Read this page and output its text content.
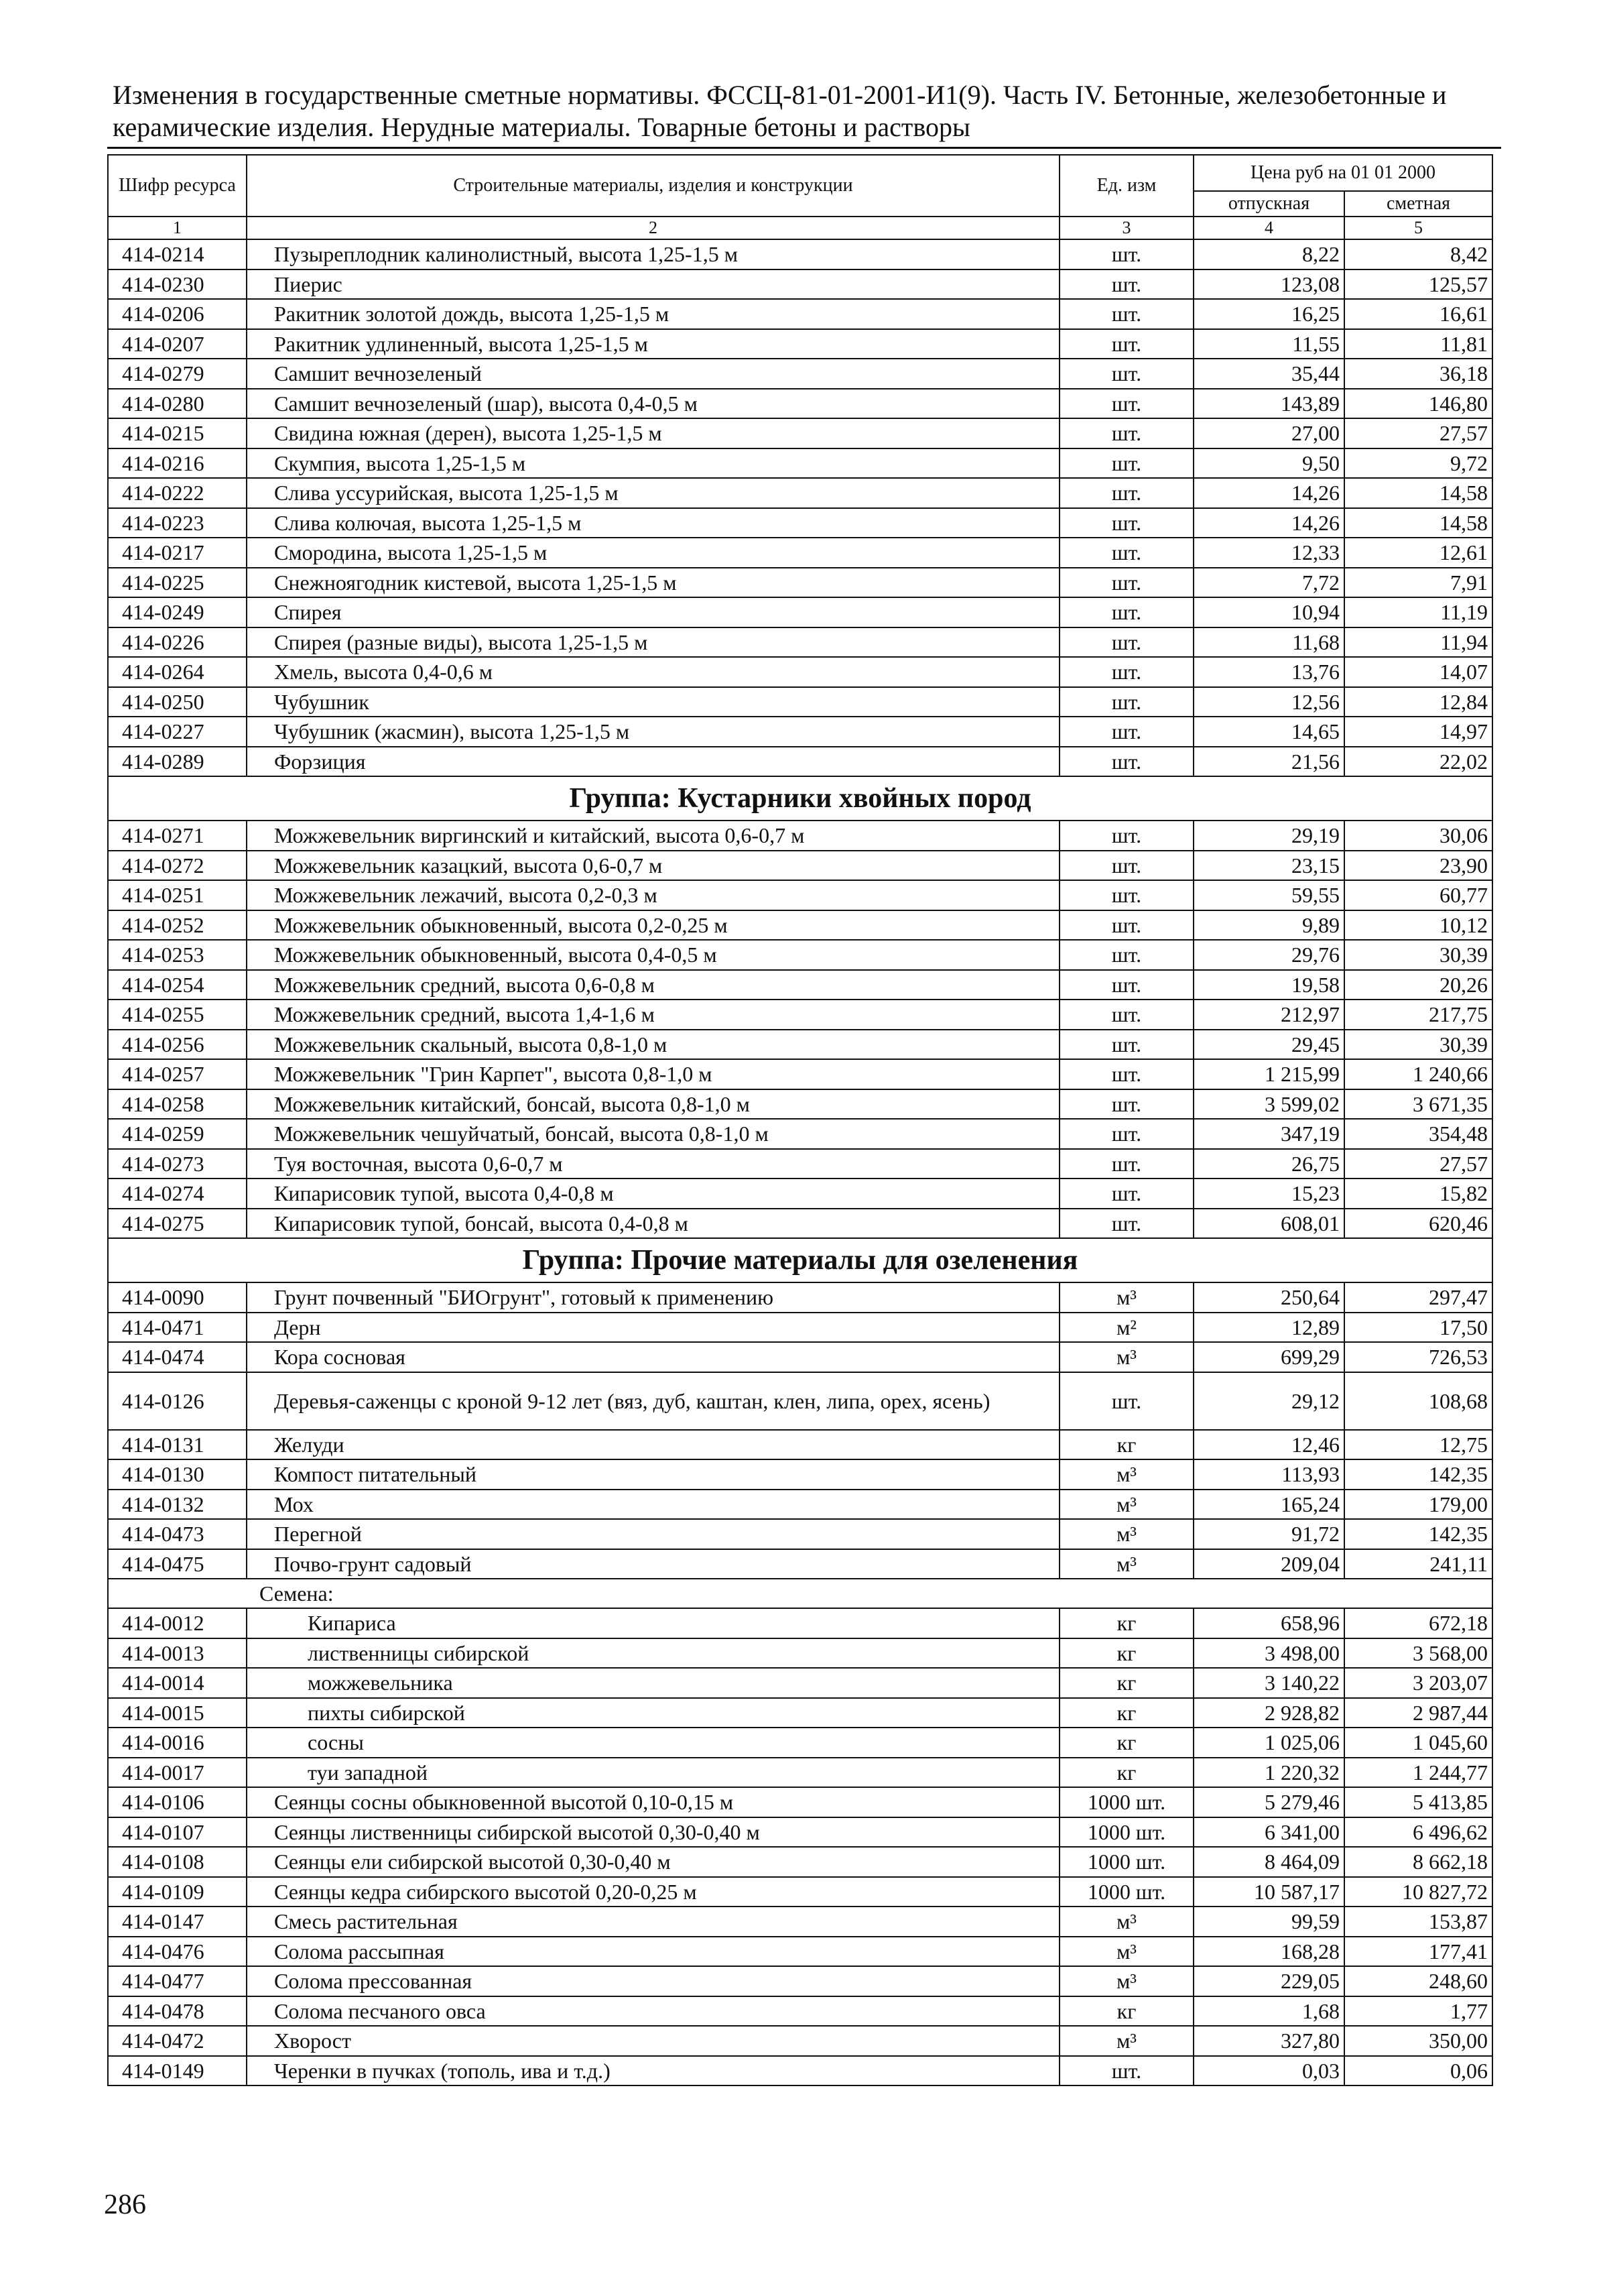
Изменения в государственные сметные нормативы. ФССЦ-81-01-2001-И1(9). Часть IV. Бетонные, железобетонные и
керамические изделия. Нерудные материалы. Товарные бетоны и растворы
Шифр ресурса	Строительные материалы, изделия и конструкции	Ед. изм	Цена руб на 01 01 2000	
			отпускная	сметная
1	2	3	4	5
414-0214	Пузыреплодник калинолистный, высота 1,25-1,5 м	шт.	8,22	8,42
414-0230	Пиерис	шт.	123,08	125,57
414-0206	Ракитник золотой дождь, высота 1,25-1,5 м	шт.	16,25	16,61
414-0207	Ракитник удлиненный, высота 1,25-1,5 м	шт.	11,55	11,81
414-0279	Самшит вечнозеленый	шт.	35,44	36,18
414-0280	Самшит вечнозеленый (шар), высота 0,4-0,5 м	шт.	143,89	146,80
414-0215	Свидина южная (дерен), высота 1,25-1,5 м	шт.	27,00	27,57
414-0216	Скумпия, высота 1,25-1,5 м	шт.	9,50	9,72
414-0222	Слива уссурийская, высота 1,25-1,5 м	шт.	14,26	14,58
414-0223	Слива колючая, высота 1,25-1,5 м	шт.	14,26	14,58
414-0217	Смородина, высота 1,25-1,5 м	шт.	12,33	12,61
414-0225	Снежноягодник кистевой, высота 1,25-1,5 м	шт.	7,72	7,91
414-0249	Спирея	шт.	10,94	11,19
414-0226	Спирея (разные виды), высота 1,25-1,5 м	шт.	11,68	11,94
414-0264	Хмель, высота 0,4-0,6 м	шт.	13,76	14,07
414-0250	Чубушник	шт.	12,56	12,84
414-0227	Чубушник (жасмин), высота 1,25-1,5 м	шт.	14,65	14,97
414-0289	Форзиция	шт.	21,56	22,02
Группа: Кустарники хвойных пород				
414-0271	Можжевельник виргинский и китайский, высота 0,6-0,7 м	шт.	29,19	30,06
414-0272	Можжевельник казацкий, высота 0,6-0,7 м	шт.	23,15	23,90
414-0251	Можжевельник лежачий, высота 0,2-0,3 м	шт.	59,55	60,77
414-0252	Можжевельник обыкновенный, высота 0,2-0,25 м	шт.	9,89	10,12
414-0253	Можжевельник обыкновенный, высота 0,4-0,5 м	шт.	29,76	30,39
414-0254	Можжевельник средний, высота 0,6-0,8 м	шт.	19,58	20,26
414-0255	Можжевельник средний, высота 1,4-1,6 м	шт.	212,97	217,75
414-0256	Можжевельник скальный, высота 0,8-1,0 м	шт.	29,45	30,39
414-0257	Можжевельник "Грин Карпет", высота 0,8-1,0 м	шт.	1 215,99	1 240,66
414-0258	Можжевельник китайский, бонсай, высота 0,8-1,0 м	шт.	3 599,02	3 671,35
414-0259	Можжевельник чешуйчатый, бонсай, высота 0,8-1,0 м	шт.	347,19	354,48
414-0273	Туя восточная, высота 0,6-0,7 м	шт.	26,75	27,57
414-0274	Кипарисовик тупой, высота 0,4-0,8 м	шт.	15,23	15,82
414-0275	Кипарисовик тупой, бонсай, высота 0,4-0,8 м	шт.	608,01	620,46
Группа: Прочие материалы для озеленения				
414-0090	Грунт почвенный "БИОгрунт", готовый к применению	м³	250,64	297,47
414-0471	Дерн	м²	12,89	17,50
414-0474	Кора сосновая	м³	699,29	726,53
414-0126	Деревья-саженцы с кроной 9-12 лет (вяз, дуб, каштан, клен, липа, орех, ясень)	шт.	29,12	108,68
414-0131	Желуди	кг	12,46	12,75
414-0130	Компост питательный	м³	113,93	142,35
414-0132	Мох	м³	165,24	179,00
414-0473	Перегной	м³	91,72	142,35
414-0475	Почво-грунт садовый	м³	209,04	241,11
Семена:				
414-0012	Кипариса	кг	658,96	672,18
414-0013	лиственницы сибирской	кг	3 498,00	3 568,00
414-0014	можжевельника	кг	3 140,22	3 203,07
414-0015	пихты сибирской	кг	2 928,82	2 987,44
414-0016	сосны	кг	1 025,06	1 045,60
414-0017	туи западной	кг	1 220,32	1 244,77
414-0106	Сеянцы сосны обыкновенной высотой 0,10-0,15 м	1000 шт.	5 279,46	5 413,85
414-0107	Сеянцы лиственницы сибирской высотой 0,30-0,40 м	1000 шт.	6 341,00	6 496,62
414-0108	Сеянцы ели сибирской высотой 0,30-0,40 м	1000 шт.	8 464,09	8 662,18
414-0109	Сеянцы кедра сибирского высотой 0,20-0,25 м	1000 шт.	10 587,17	10 827,72
414-0147	Смесь растительная	м³	99,59	153,87
414-0476	Солома рассыпная	м³	168,28	177,41
414-0477	Солома прессованная	м³	229,05	248,60
414-0478	Солома песчаного овса	кг	1,68	1,77
414-0472	Хворост	м³	327,80	350,00
414-0149	Черенки в пучках (тополь, ива и т.д.)	шт.	0,03	0,06
286
